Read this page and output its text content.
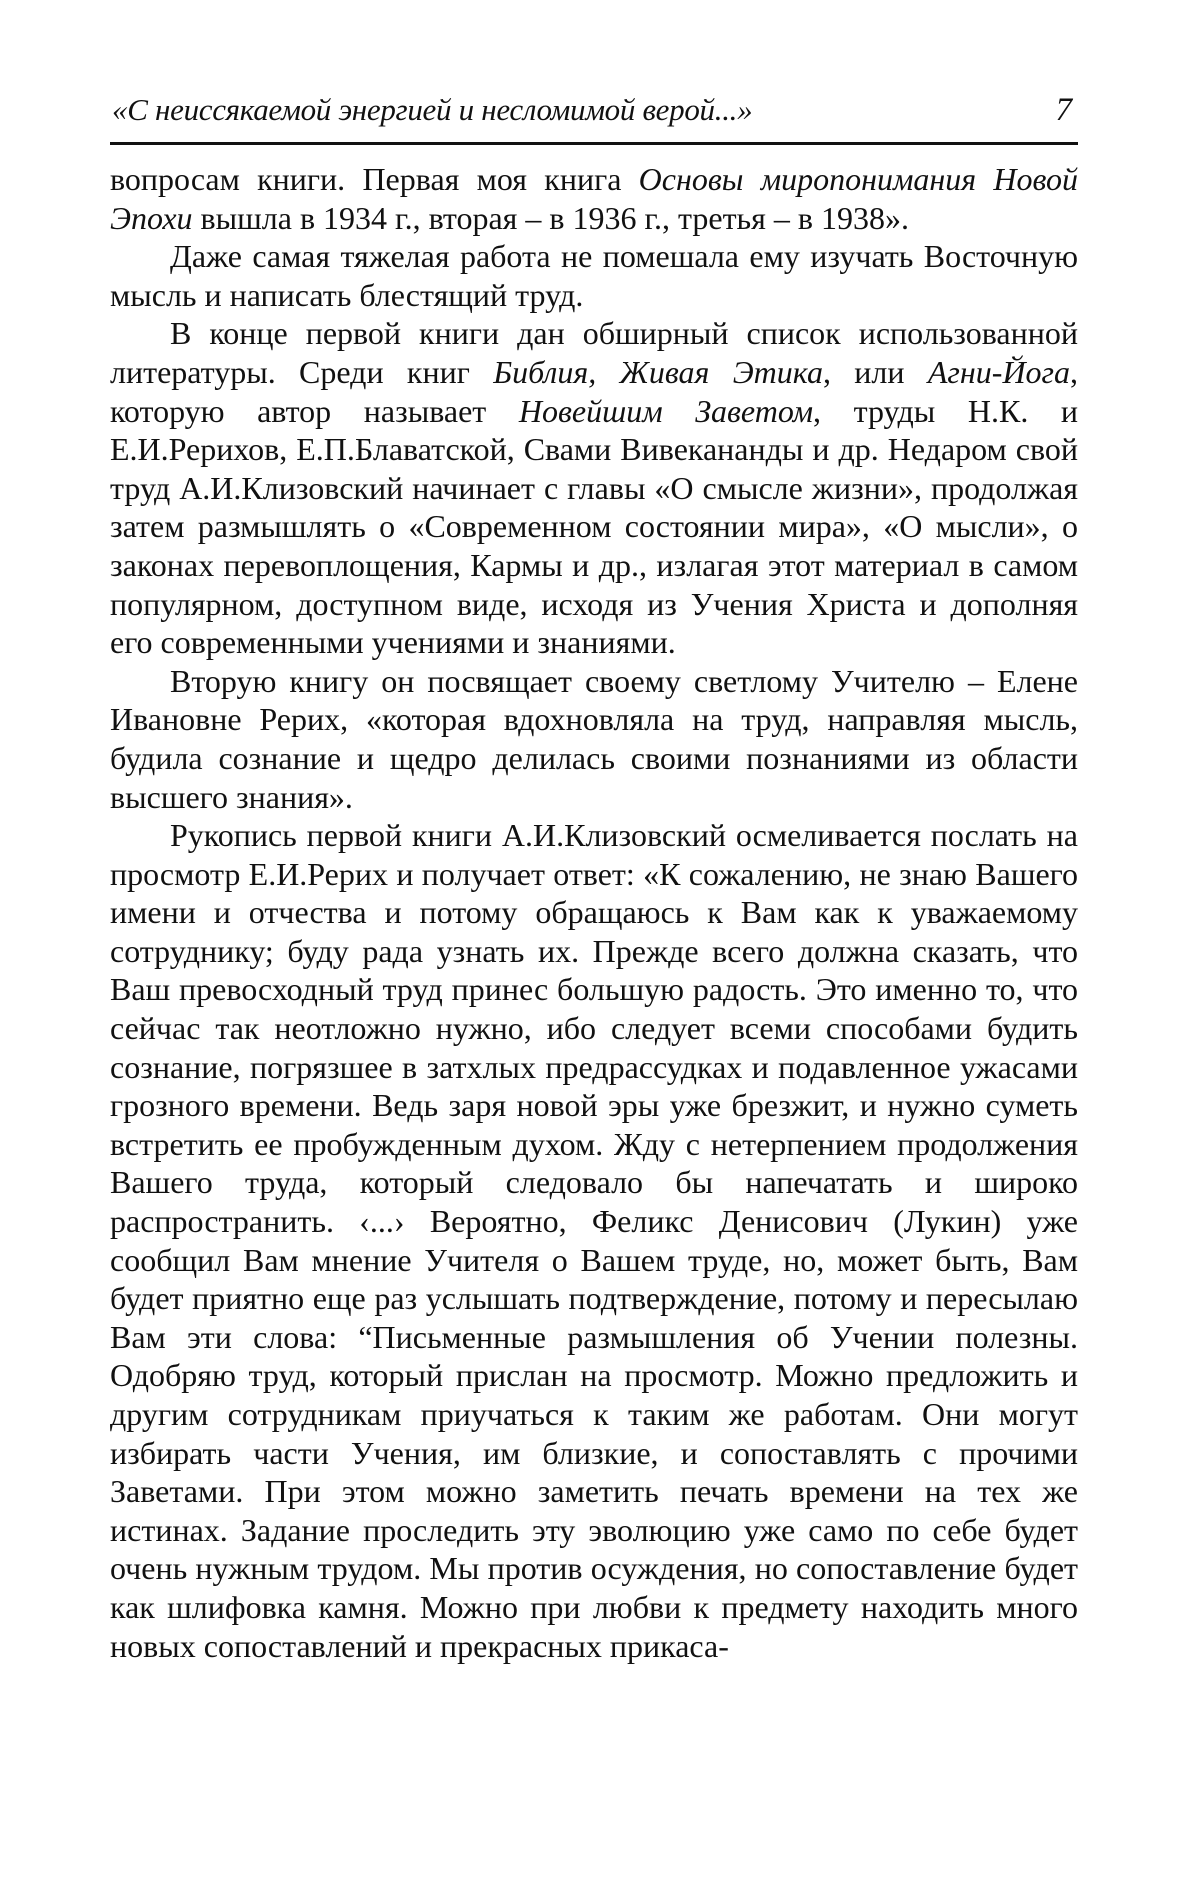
«С неиссякаемой энергией и несломимой верой...»	7

вопросам книги. Первая моя книга Основы миропонимания Новой Эпохи вышла в 1934 г., вторая – в 1936 г., третья – в 1938».

Даже самая тяжелая работа не помешала ему изучать Восточную мысль и написать блестящий труд.

В конце первой книги дан обширный список использованной литературы. Среди книг Библия, Живая Этика, или Агни-Йога, которую автор называет Новейшим Заветом, труды Н.К. и Е.И.Рерихов, Е.П.Блаватской, Свами Вивекананды и др. Недаром свой труд А.И.Клизовский начинает с главы «О смысле жизни», продолжая затем размышлять о «Современном состоянии мира», «О мысли», о законах перевоплощения, Кармы и др., излагая этот материал в самом популярном, доступном виде, исходя из Учения Христа и дополняя его современными учениями и знаниями.

Вторую книгу он посвящает своему светлому Учителю – Елене Ивановне Рерих, «которая вдохновляла на труд, направляя мысль, будила сознание и щедро делилась своими познаниями из области высшего знания».

Рукопись первой книги А.И.Клизовский осмеливается послать на просмотр Е.И.Рерих и получает ответ: «К сожалению, не знаю Вашего имени и отчества и потому обращаюсь к Вам как к уважаемому сотруднику; буду рада узнать их. Прежде всего должна сказать, что Ваш превосходный труд принес большую радость. Это именно то, что сейчас так неотложно нужно, ибо следует всеми способами будить сознание, погрязшее в затхлых предрассудках и подавленное ужасами грозного времени. Ведь заря новой эры уже брезжит, и нужно суметь встретить ее пробужденным духом. Жду с нетерпением продолжения Вашего труда, который следовало бы напечатать и широко распространить. ‹...› Вероятно, Феликс Денисович (Лукин) уже сообщил Вам мнение Учителя о Вашем труде, но, может быть, Вам будет приятно еще раз услышать подтверждение, потому и пересылаю Вам эти слова: “Письменные размышления об Учении полезны. Одобряю труд, который прислан на просмотр. Можно предложить и другим сотрудникам приучаться к таким же работам. Они могут избирать части Учения, им близкие, и сопоставлять с прочими Заветами. При этом можно заметить печать времени на тех же истинах. Задание проследить эту эволюцию уже само по себе будет очень нужным трудом. Мы против осуждения, но сопоставление будет как шлифовка камня. Можно при любви к предмету находить много новых сопоставлений и прекрасных прикаса-
